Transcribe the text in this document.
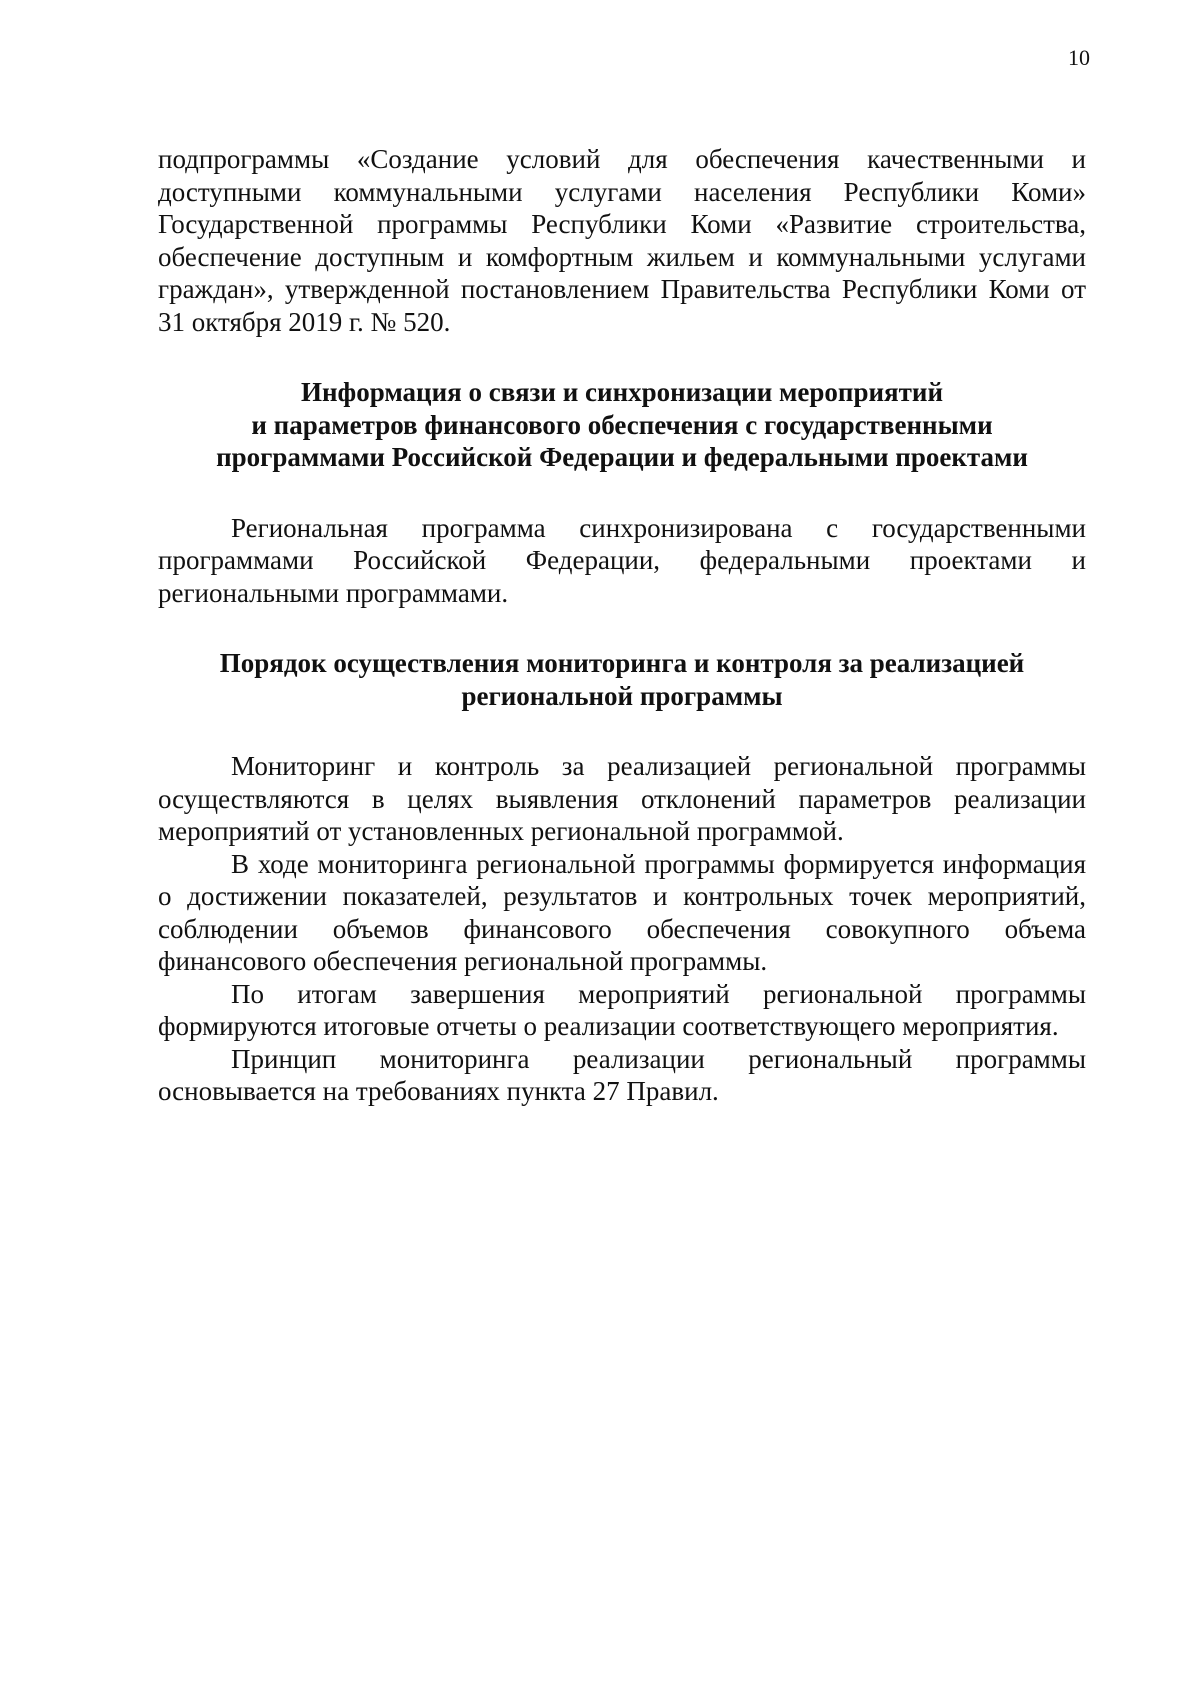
10

подпрограммы «Создание условий для обеспечения качественными и доступными коммунальными услугами населения Республики Коми» Государственной программы Республики Коми «Развитие строительства, обеспечение доступным и комфортным жильем и коммунальными услугами граждан», утвержденной постановлением Правительства Республики Коми от 31 октября 2019 г. № 520.

Информация о связи и синхронизации мероприятий
и параметров финансового обеспечения с государственными
программами Российской Федерации и федеральными проектами

Региональная программа синхронизирована с государственными программами Российской Федерации, федеральными проектами и региональными программами.

Порядок осуществления мониторинга и контроля за реализацией
региональной программы

Мониторинг и контроль за реализацией региональной программы осуществляются в целях выявления отклонений параметров реализации мероприятий от установленных региональной программой.

В ходе мониторинга региональной программы формируется информация о достижении показателей, результатов и контрольных точек мероприятий, соблюдении объемов финансового обеспечения совокупного объема финансового обеспечения региональной программы.

По итогам завершения мероприятий региональной программы формируются итоговые отчеты о реализации соответствующего мероприятия.

Принцип мониторинга реализации региональный программы основывается на требованиях пункта 27 Правил.
